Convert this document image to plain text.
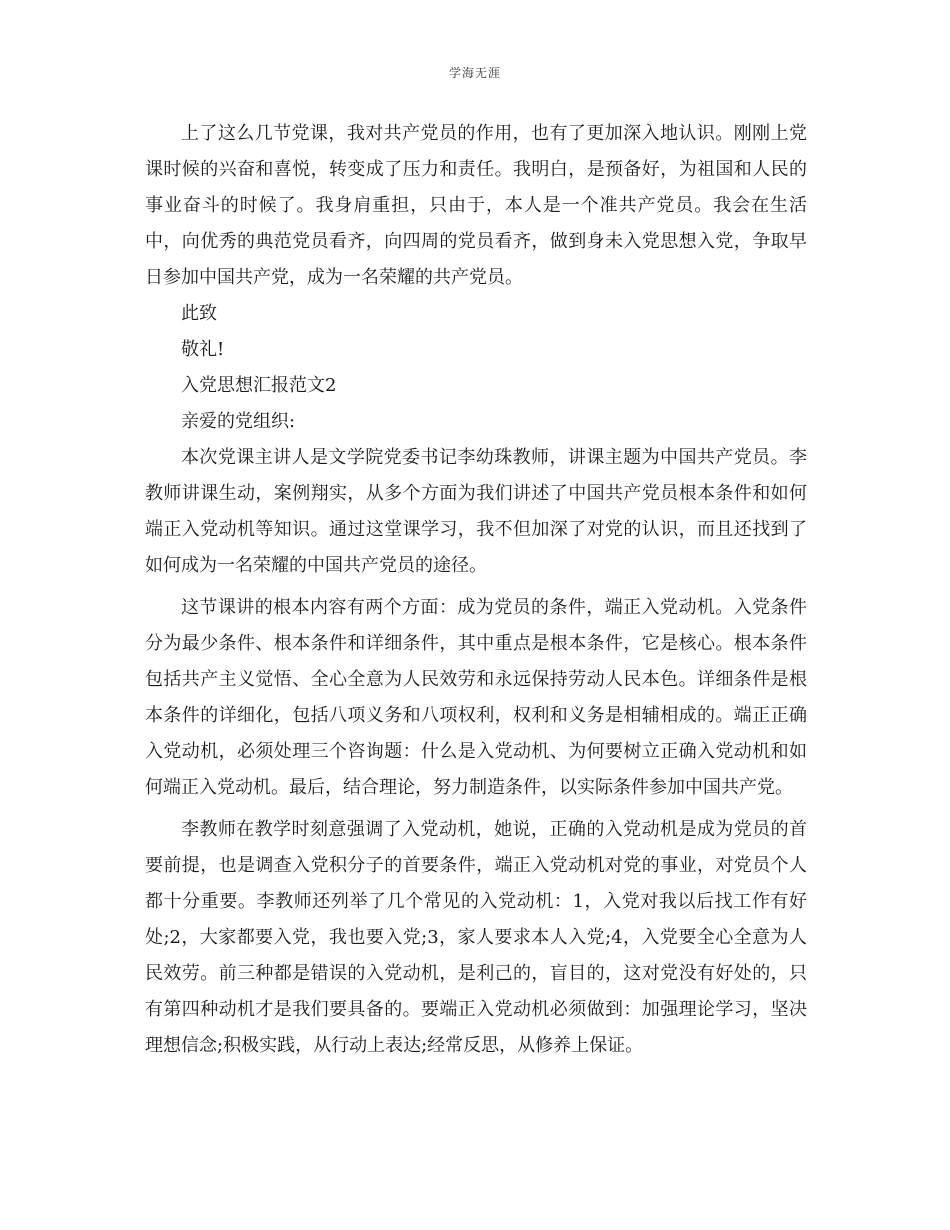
学海无涯

上了这么几节党课，我对共产党员的作用，也有了更加深入地认识。刚刚上党课时候的兴奋和喜悦，转变成了压力和责任。我明白，是预备好，为祖国和人民的事业奋斗的时候了。我身肩重担，只由于，本人是一个准共产党员。我会在生活中，向优秀的典范党员看齐，向四周的党员看齐，做到身未入党思想入党，争取早日参加中国共产党，成为一名荣耀的共产党员。

此致

敬礼!

入党思想汇报范文2

亲爱的党组织:

本次党课主讲人是文学院党委书记李幼珠教师，讲课主题为中国共产党员。李教师讲课生动，案例翔实，从多个方面为我们讲述了中国共产党员根本条件和如何端正入党动机等知识。通过这堂课学习，我不但加深了对党的认识，而且还找到了如何成为一名荣耀的中国共产党员的途径。

这节课讲的根本内容有两个方面：成为党员的条件，端正入党动机。入党条件分为最少条件、根本条件和详细条件，其中重点是根本条件，它是核心。根本条件包括共产主义觉悟、全心全意为人民效劳和永远保持劳动人民本色。详细条件是根本条件的详细化，包括八项义务和八项权利，权利和义务是相辅相成的。端正正确入党动机，必须处理三个咨询题：什么是入党动机、为何要树立正确入党动机和如何端正入党动机。最后，结合理论，努力制造条件，以实际条件参加中国共产党。

李教师在教学时刻意强调了入党动机，她说，正确的入党动机是成为党员的首要前提，也是调查入党积分子的首要条件，端正入党动机对党的事业，对党员个人都十分重要。李教师还列举了几个常见的入党动机：1，入党对我以后找工作有好处;2，大家都要入党，我也要入党;3，家人要求本人入党;4，入党要全心全意为人民效劳。前三种都是错误的入党动机，是利己的，盲目的，这对党没有好处的，只有第四种动机才是我们要具备的。要端正入党动机必须做到：加强理论学习，坚决理想信念;积极实践，从行动上表达;经常反思，从修养上保证。
